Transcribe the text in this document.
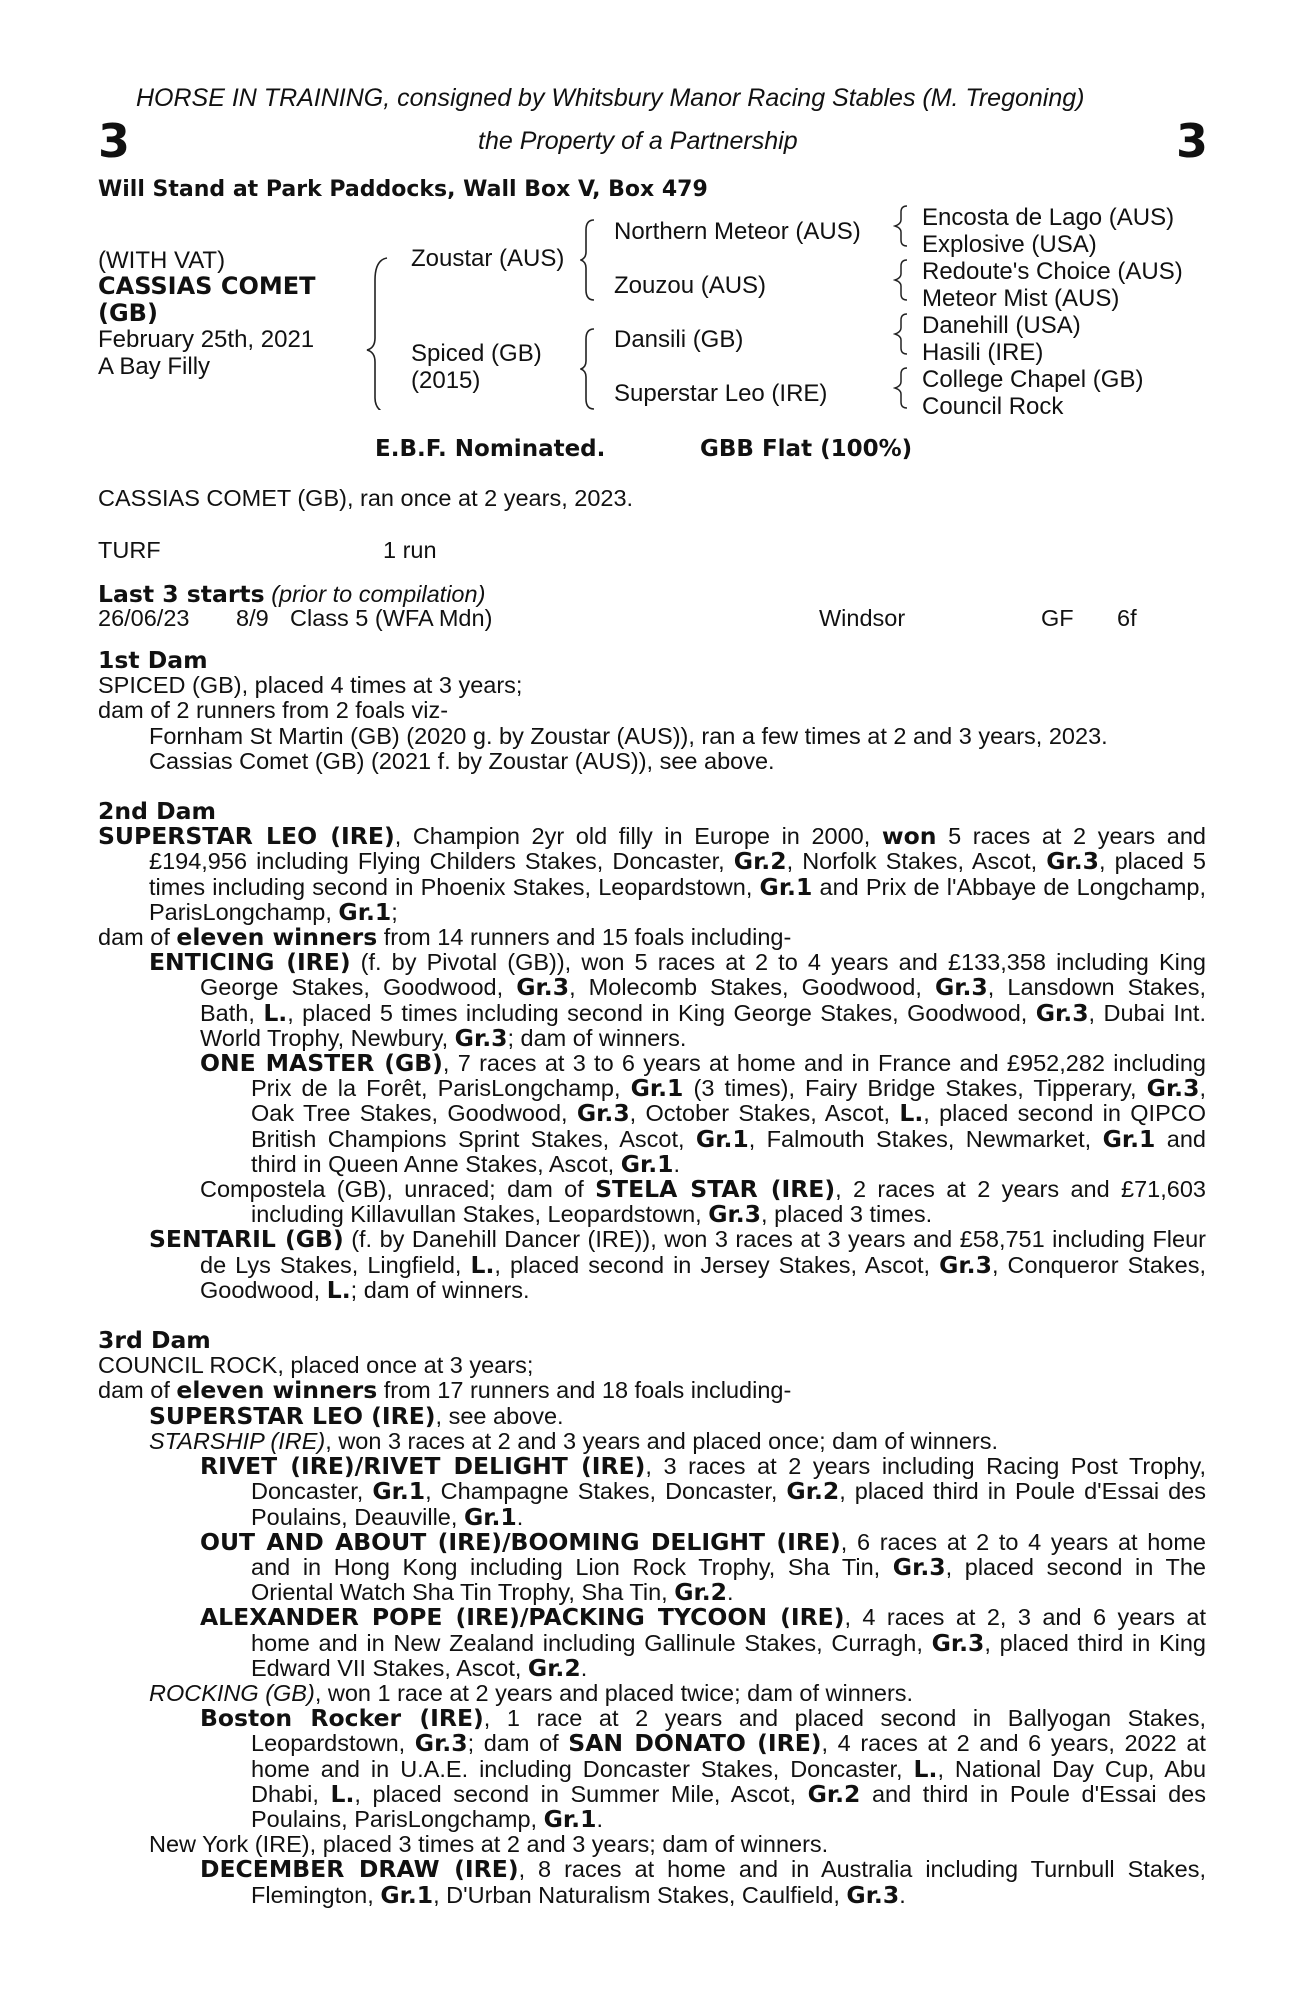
HORSE IN TRAINING, consigned by Whitsbury Manor Racing Stables (M. Tregoning)
3	the Property of a Partnership	3
Will Stand at Park Paddocks, Wall Box V, Box 479
(WITH VAT)
CASSIAS COMET
(GB)
February 25th, 2021
A Bay Filly
Zoustar (AUS)
Spiced (GB)
(2015)
Northern Meteor (AUS)
Zouzou (AUS)
Dansili (GB)
Superstar Leo (IRE)
Encosta de Lago (AUS)
Explosive (USA)
Redoute's Choice (AUS)
Meteor Mist (AUS)
Danehill (USA)
Hasili (IRE)
College Chapel (GB)
Council Rock
E.B.F. Nominated.	GBB Flat (100%)
CASSIAS COMET (GB), ran once at 2 years, 2023.
TURF	1 run
Last 3 starts (prior to compilation)
26/06/23 8/9 Class 5 (WFA Mdn)	Windsor	GF 6f
1st Dam
SPICED (GB), placed 4 times at 3 years;
dam of 2 runners from 2 foals viz-
Fornham St Martin (GB) (2020 g. by Zoustar (AUS)), ran a few times at 2 and 3 years, 2023.
Cassias Comet (GB) (2021 f. by Zoustar (AUS)), see above.
2nd Dam
SUPERSTAR LEO (IRE), Champion 2yr old filly in Europe in 2000, won 5 races at 2 years and £194,956 including Flying Childers Stakes, Doncaster, Gr.2, Norfolk Stakes, Ascot, Gr.3, placed 5 times including second in Phoenix Stakes, Leopardstown, Gr.1 and Prix de l'Abbaye de Longchamp, ParisLongchamp, Gr.1;
dam of eleven winners from 14 runners and 15 foals including-
ENTICING (IRE) (f. by Pivotal (GB)), won 5 races at 2 to 4 years and £133,358 including King George Stakes, Goodwood, Gr.3, Molecomb Stakes, Goodwood, Gr.3, Lansdown Stakes, Bath, L., placed 5 times including second in King George Stakes, Goodwood, Gr.3, Dubai Int. World Trophy, Newbury, Gr.3; dam of winners.
ONE MASTER (GB), 7 races at 3 to 6 years at home and in France and £952,282 including Prix de la Forêt, ParisLongchamp, Gr.1 (3 times), Fairy Bridge Stakes, Tipperary, Gr.3, Oak Tree Stakes, Goodwood, Gr.3, October Stakes, Ascot, L., placed second in QIPCO British Champions Sprint Stakes, Ascot, Gr.1, Falmouth Stakes, Newmarket, Gr.1 and third in Queen Anne Stakes, Ascot, Gr.1.
Compostela (GB), unraced; dam of STELA STAR (IRE), 2 races at 2 years and £71,603 including Killavullan Stakes, Leopardstown, Gr.3, placed 3 times.
SENTARIL (GB) (f. by Danehill Dancer (IRE)), won 3 races at 3 years and £58,751 including Fleur de Lys Stakes, Lingfield, L., placed second in Jersey Stakes, Ascot, Gr.3, Conqueror Stakes, Goodwood, L.; dam of winners.
3rd Dam
COUNCIL ROCK, placed once at 3 years;
dam of eleven winners from 17 runners and 18 foals including-
SUPERSTAR LEO (IRE), see above.
STARSHIP (IRE), won 3 races at 2 and 3 years and placed once; dam of winners.
RIVET (IRE)/RIVET DELIGHT (IRE), 3 races at 2 years including Racing Post Trophy, Doncaster, Gr.1, Champagne Stakes, Doncaster, Gr.2, placed third in Poule d'Essai des Poulains, Deauville, Gr.1.
OUT AND ABOUT (IRE)/BOOMING DELIGHT (IRE), 6 races at 2 to 4 years at home and in Hong Kong including Lion Rock Trophy, Sha Tin, Gr.3, placed second in The Oriental Watch Sha Tin Trophy, Sha Tin, Gr.2.
ALEXANDER POPE (IRE)/PACKING TYCOON (IRE), 4 races at 2, 3 and 6 years at home and in New Zealand including Gallinule Stakes, Curragh, Gr.3, placed third in King Edward VII Stakes, Ascot, Gr.2.
ROCKING (GB), won 1 race at 2 years and placed twice; dam of winners.
Boston Rocker (IRE), 1 race at 2 years and placed second in Ballyogan Stakes, Leopardstown, Gr.3; dam of SAN DONATO (IRE), 4 races at 2 and 6 years, 2022 at home and in U.A.E. including Doncaster Stakes, Doncaster, L., National Day Cup, Abu Dhabi, L., placed second in Summer Mile, Ascot, Gr.2 and third in Poule d'Essai des Poulains, ParisLongchamp, Gr.1.
New York (IRE), placed 3 times at 2 and 3 years; dam of winners.
DECEMBER DRAW (IRE), 8 races at home and in Australia including Turnbull Stakes, Flemington, Gr.1, D'Urban Naturalism Stakes, Caulfield, Gr.3.
